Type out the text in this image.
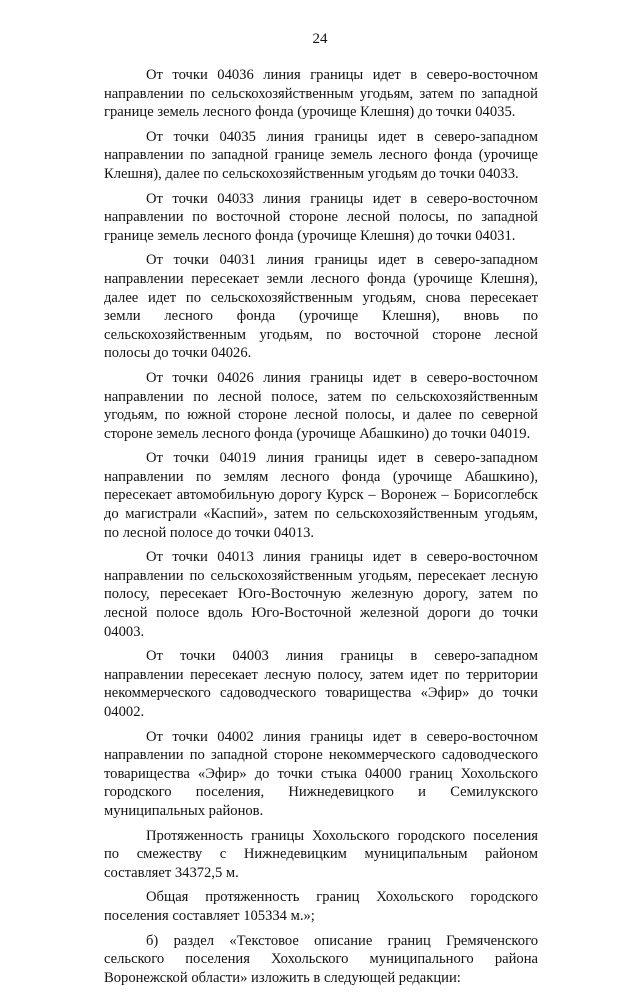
24

От точки 04036 линия границы идет в северо-восточном направлении по сельскохозяйственным угодьям, затем по западной границе земель лесного фонда (урочище Клешня) до точки 04035.

От точки 04035 линия границы идет в северо-западном направлении по западной границе земель лесного фонда (урочище Клешня), далее по сельскохозяйственным угодьям до точки 04033.

От точки 04033 линия границы идет в северо-восточном направлении по восточной стороне лесной полосы, по западной границе земель лесного фонда (урочище Клешня) до точки 04031.

От точки 04031 линия границы идет в северо-западном направлении пересекает земли лесного фонда (урочище Клешня), далее идет по сельскохозяйственным угодьям, снова пересекает земли лесного фонда (урочище Клешня), вновь по сельскохозяйственным угодьям, по восточной стороне лесной полосы до точки 04026.

От точки 04026 линия границы идет в северо-восточном направлении по лесной полосе, затем по сельскохозяйственным угодьям, по южной стороне лесной полосы, и далее по северной стороне земель лесного фонда (урочище Абашкино) до точки 04019.

От точки 04019 линия границы идет в северо-западном направлении по землям лесного фонда (урочище Абашкино), пересекает автомобильную дорогу Курск – Воронеж – Борисоглебск до магистрали «Каспий», затем по сельскохозяйственным угодьям, по лесной полосе до точки 04013.

От точки 04013 линия границы идет в северо-восточном направлении по сельскохозяйственным угодьям, пересекает лесную полосу, пересекает Юго-Восточную железную дорогу, затем по лесной полосе вдоль Юго-Восточной железной дороги до точки 04003.

От точки 04003 линия границы в северо-западном направлении пересекает лесную полосу, затем идет по территории некоммерческого садоводческого товарищества «Эфир» до точки 04002.

От точки 04002 линия границы идет в северо-восточном направлении по западной стороне некоммерческого садоводческого товарищества «Эфир» до точки стыка 04000 границ Хохольского городского поселения, Нижнедевицкого и Семилукского муниципальных районов.

Протяженность границы Хохольского городского поселения по смежеству с Нижнедевицким муниципальным районом составляет 34372,5 м.

Общая протяженность границ Хохольского городского поселения составляет 105334 м.»;

б) раздел «Текстовое описание границ Гремяченского сельского поселения Хохольского муниципального района Воронежской области» изложить в следующей редакции:
